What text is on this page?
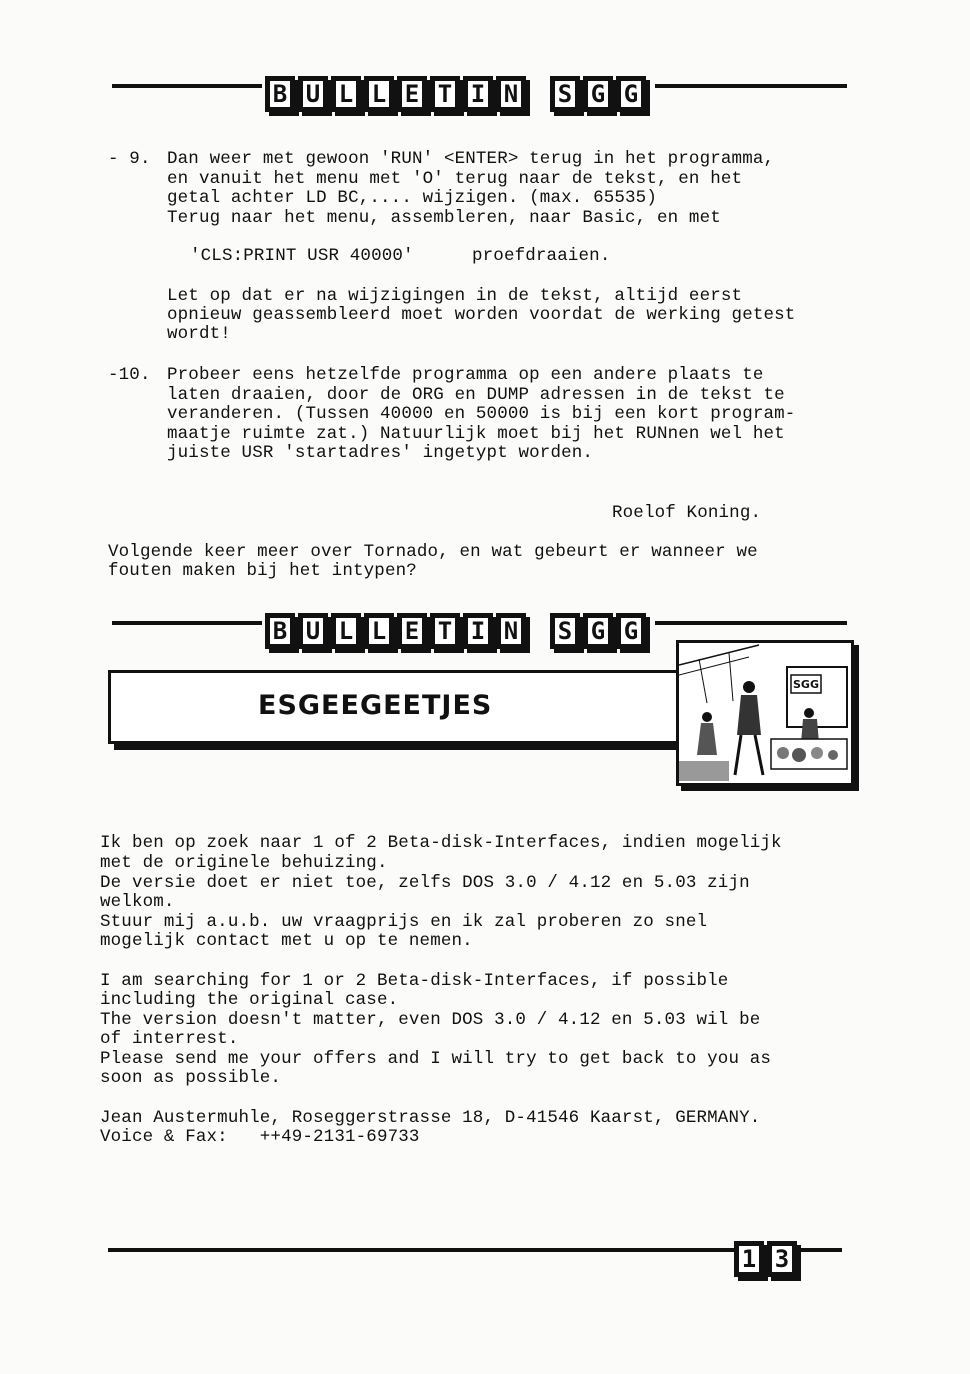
B U L L E T I N S G G
- 9. Dan weer met gewoon 'RUN' <ENTER> terug in het programma,
en vanuit het menu met 'O' terug naar de tekst, en het
getal achter LD BC,.... wijzigen. (max. 65535)
Terug naar het menu, assembleren, naar Basic, en met
'CLS:PRINT USR 40000'	proefdraaien.
Let op dat er na wijzigingen in de tekst, altijd eerst
opnieuw geassembleerd moet worden voordat de werking getest
wordt!
-10. Probeer eens hetzelfde programma op een andere plaats te
laten draaien, door de ORG en DUMP adressen in de tekst te
veranderen. (Tussen 40000 en 50000 is bij een kort program-
maatje ruimte zat.) Natuurlijk moet bij het RUNnen wel het
juiste USR 'startadres' ingetypt worden.
Roelof Koning.
Volgende keer meer over Tornado, en wat gebeurt er wanneer we
fouten maken bij het intypen?
B U L L E T I N S G G
ESGEEGEETJES
SGG
Ik ben op zoek naar 1 of 2 Beta-disk-Interfaces, indien mogelijk
met de originele behuizing.
De versie doet er niet toe, zelfs DOS 3.0 / 4.12 en 5.03 zijn
welkom.
Stuur mij a.u.b. uw vraagprijs en ik zal proberen zo snel
mogelijk contact met u op te nemen.
I am searching for 1 or 2 Beta-disk-Interfaces, if possible
including the original case.
The version doesn't matter, even DOS 3.0 / 4.12 en 5.03 wil be
of interrest.
Please send me your offers and I will try to get back to you as
soon as possible.
Jean Austermuhle, Roseggerstrasse 18, D-41546 Kaarst, GERMANY.
Voice & Fax:   ++49-2131-69733
1 3
